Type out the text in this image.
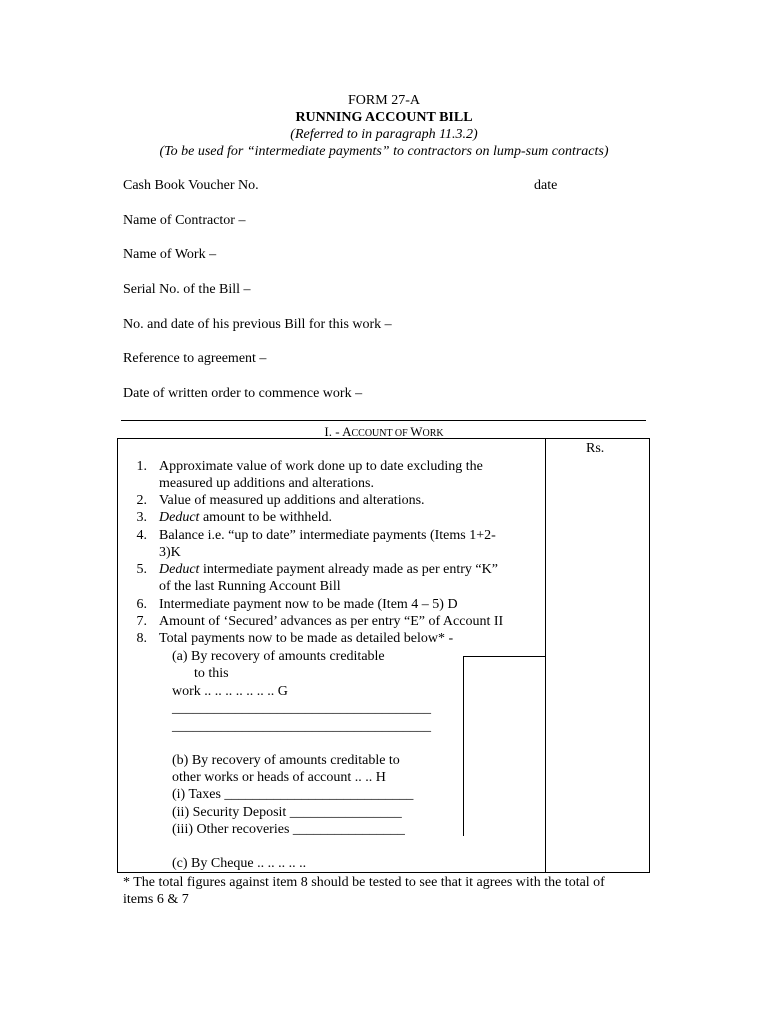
FORM 27-A
RUNNING ACCOUNT BILL
(Referred to in paragraph 11.3.2)
(To be used for “intermediate payments” to contractors on lump-sum contracts)
Cash Book Voucher No.	date
Name of Contractor –
Name of Work –
Serial No. of the Bill –
No. and date of his previous Bill for this work –
Reference to agreement –
Date of written order to commence work –
I. - ACCOUNT OF WORK
Rs.
1. Approximate value of work done up to date excluding the
measured up additions and alterations.
2. Value of measured up additions and alterations.
3. Deduct amount to be withheld.
4. Balance i.e. “up to date” intermediate payments (Items 1+2-
3)K
5. Deduct intermediate payment already made as per entry “K”
of the last Running Account Bill
6. Intermediate payment now to be made (Item 4 – 5) D
7. Amount of ‘Secured’ advances as per entry “E” of Account II
8. Total payments now to be made as detailed below* -
(a) By recovery of amounts creditable
to this
work .. .. .. .. .. .. .. G
_____________________________________
_____________________________________
(b) By recovery of amounts creditable to
other works or heads of account .. .. H
(i) Taxes ___________________________
(ii) Security Deposit ________________
(iii) Other recoveries ________________
(c) By Cheque .. .. .. .. ..
* The total figures against item 8 should be tested to see that it agrees with the total of
items 6 & 7
